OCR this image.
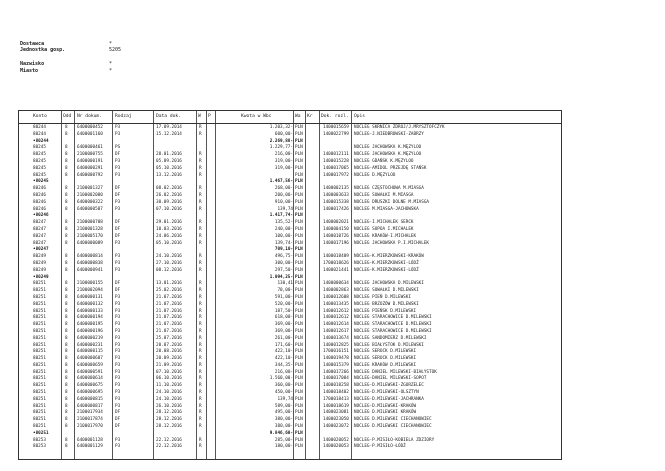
Dostawca	*
Jednostka gosp.	5205
Nazwisko	*
Miasto	*
Konto	Odd Nr dokum.	Rodzaj	Data dok.	W P	Kwota w Wbc	Wa Kr Dok. rozl. Opis
80244	8 6400000452	P3	17.09.2014	R	1.203,32- PLN	1400015659 NOCLEG SKRNICA ZDROJ/J.MRYSZTOFCZYK
80244	8 6400001160	P3	15.12.2014	R	600,00- PLN	1400022799 NOCLEG-J.NIEDBROWSKI-ZABRZY
• 80244	2.269,88- PLN
80245	8 6400000461	PS	1.229,77- PLN	NOCLEG JACHOWSKA K.MĘZYLOO
80245	8 2100000755	DF	28.01.2016	R	216,00- PLN	1400012111 NOCLEG JACHOWSKA K.MĘZYLOO
80245	8 6400000191	P3	05.09.2016	R	319,00- PLN	1400015228 NOCLEG GDAŃSK K.MĘZYLOO
80245	8 6400000291	P3	05.10.2016	R	319,00- PLN	1400017065 NOCLEG-AMIDOL PRZEJDĘ STAŃSK
80245	8 6400000792	P3	13.12.2016	R	PLN	1400017972 NOCLEG D.MĘZYLOO
• 80245	1.467,56- PLN
80246	8 2100001327	DF	08.02.2016	R	268,00- PLN	1400002135 NOCLEG CZĘSTOCHOWA M.MIASGA
80246	8 2100002080	DF	26.02.2016	R	200,00- PLN	1400003633 NOCLEG SUWAŁKI M.MIASGA
80246	8 6400000322	P3	30.09.2016	R	910,00- PLN	1400015338 NOCLEG DRUSZKI DOLNE M.MIASGA
80246	8 6400000587	P3	07.10.2016	R	139,74 PLN	1400017426 NOCLEG M.MIASGA-JACHOWSKA
• 80246	1.417,74- PLN
80247	8 2100000788	DF	29.01.2016	R	135,52- PLN	1400002021 NOCLEG-I.MICHALEK SERCK
80247	8 2100001328	DF	10.03.2016	R	240,00- PLN	1400004150 NOCLEG SOPOA I.MICHALEK
80247	8 2100005170	DF	24.06.2016	R	100,00- PLN	1400010726 NOCLEG KRAKÓW-I.MICHALEK
80247	8 6400000089	P3	05.10.2016	R	139,74- PLN	1400017196 NOCLEG JACHOWSKA P.I.MICHALEK
• 80247	709,10- PLN
80249	8 6400000814	P3	24.10.2016	R	496,75- PLN	1400018409 NOCLEG-K.MIERZKOWSKI-KRAKÓW
80249	8 6400000838	P3	27.10.2016	R	300,00- PLN	1700018626 NOCLEG-K.MIERZKOWSKI-LÓDŹ
80249	8 6400000941	P3	08.12.2016	R	297,50- PLN	1400021441 NOCLEG-K.MIERZKOWSKI-LÓDŹ
• 80249	1.094,25- PLN
80251	8 2100000155	DF	13.01.2016	R	130,41 PLN	1400000634 NOCLEG JACHOWSKA D.MILEWSKI
80251	8 2100002094	DF	25.02.2016	R	70,00- PLN	1400002863 NOCLEG SUWAŁKI D.MILEWSKI
80251	8 6400000131	P3	21.07.2016	R	591,00- PLN	1400012608 NOCLEG PIEŃ D.MILEWSKI
80251	8 6400000132	P3	21.07.2016	R	520,00- PLN	1400013435 NOCLEG BRZOZÓW D.MILEWSKI
80251	8 6400000133	P3	21.07.2016	R	187,50- PLN	1400012612 NOCLEG PIEŃSK D.MILEWSKI
80251	8 6400000194	P3	21.07.2016	R	618,00- PLN	1400012612 NOCLEG STARACHOWICE D.MILEWSKI
80251	8 6400000195	P3	21.07.2016	R	369,00- PLN	1400012614 NOCLEG STARACHOWICE D.MILEWSKI
80251	8 6400000196	P3	21.07.2016	R	369,00- PLN	1400012617 NOCLEG STARACHOWICE D.MILEWSKI
80251	8 6400000219	P3	25.07.2016	R	261,00- PLN	1400013674 NOCLEG SANDOMIERZ D.MILEWSKI
80251	8 6400000231	P3	20.07.2016	R	171,60- PLN	1400012825 NOCLEG BIAŁYSTOK D.MILEWSKI
80251	8 6400000115	P3	20.08.2016	R	422,10- PLN	1700016151 NOCLEG SEROCK D.MILEWSKI
80251	8 6400000607	P3	20.09.2016	R	422,10- PLN	1400019478 NOCLEG SEROCK D.MILEWSKI
80251	8 6400000659	P3	21.09.2016	R	344,35- PLN	1400015379 NOCLEG KRAKÓW D.MILEWSKI
80251	8 6400000591	P3	07.10.2016	R	216,00- PLN	1400017266 NOCLEG DANIEL MILEWSKI-BIAŁYSTOK
80251	8 6400000614	P3	06.10.2016	R	1.560,00- PLN	1400017084 NOCLEG-DANIEL MILEWSKI-SOPOT
80251	8 6400000675	P3	11.10.2016	R	360,00- PLN	1400018258 NOCLEG-D.MILEWSKI-ZGORZELEC
80251	8 6400000695	P3	24.10.2016	R	450,00- PLN	1400018402 NOCLEG-D.MILEWSKI-OLSZTYN
80251	8 6400000815	P3	24.10.2016	R	139,74 PLN	1700018413 NOCLEG-D.MILEWSKI-JACHRANKA
80251	8 6400000817	P3	26.10.2016	R	589,00- PLN	1400018619 NOCLEG-D.MILEWSKI-KRAKÓW
80251	8 2100017934	DF	28.12.2016	R	495,00- PLN	1400023081 NOCLEG D.MILEWSKI KRAKÓW
80251	8 2100017874	DF	28.12.2016	R	380,00- PLN	1400023050 NOCLEG D.MILEWSKI CIECHANOWIEC
80251	8 2100017970	DF	28.12.2016	R	380,00- PLN	1400023072 NOCLEG D.MILEWSKI CIECHANOWIEC
• 80251	9.846,60- PLN
80253	8 6400001128	P3	22.12.2016	R	285,00- PLN	1400020052 NOCLEG-P.MISIŁO-KOBIELA ZDZIORY
80253	8 6400001129	P3	22.12.2016	R	180,00- PLN	1400020053 NOCLEG-P.MISIŁO-ŁÓDŹ
